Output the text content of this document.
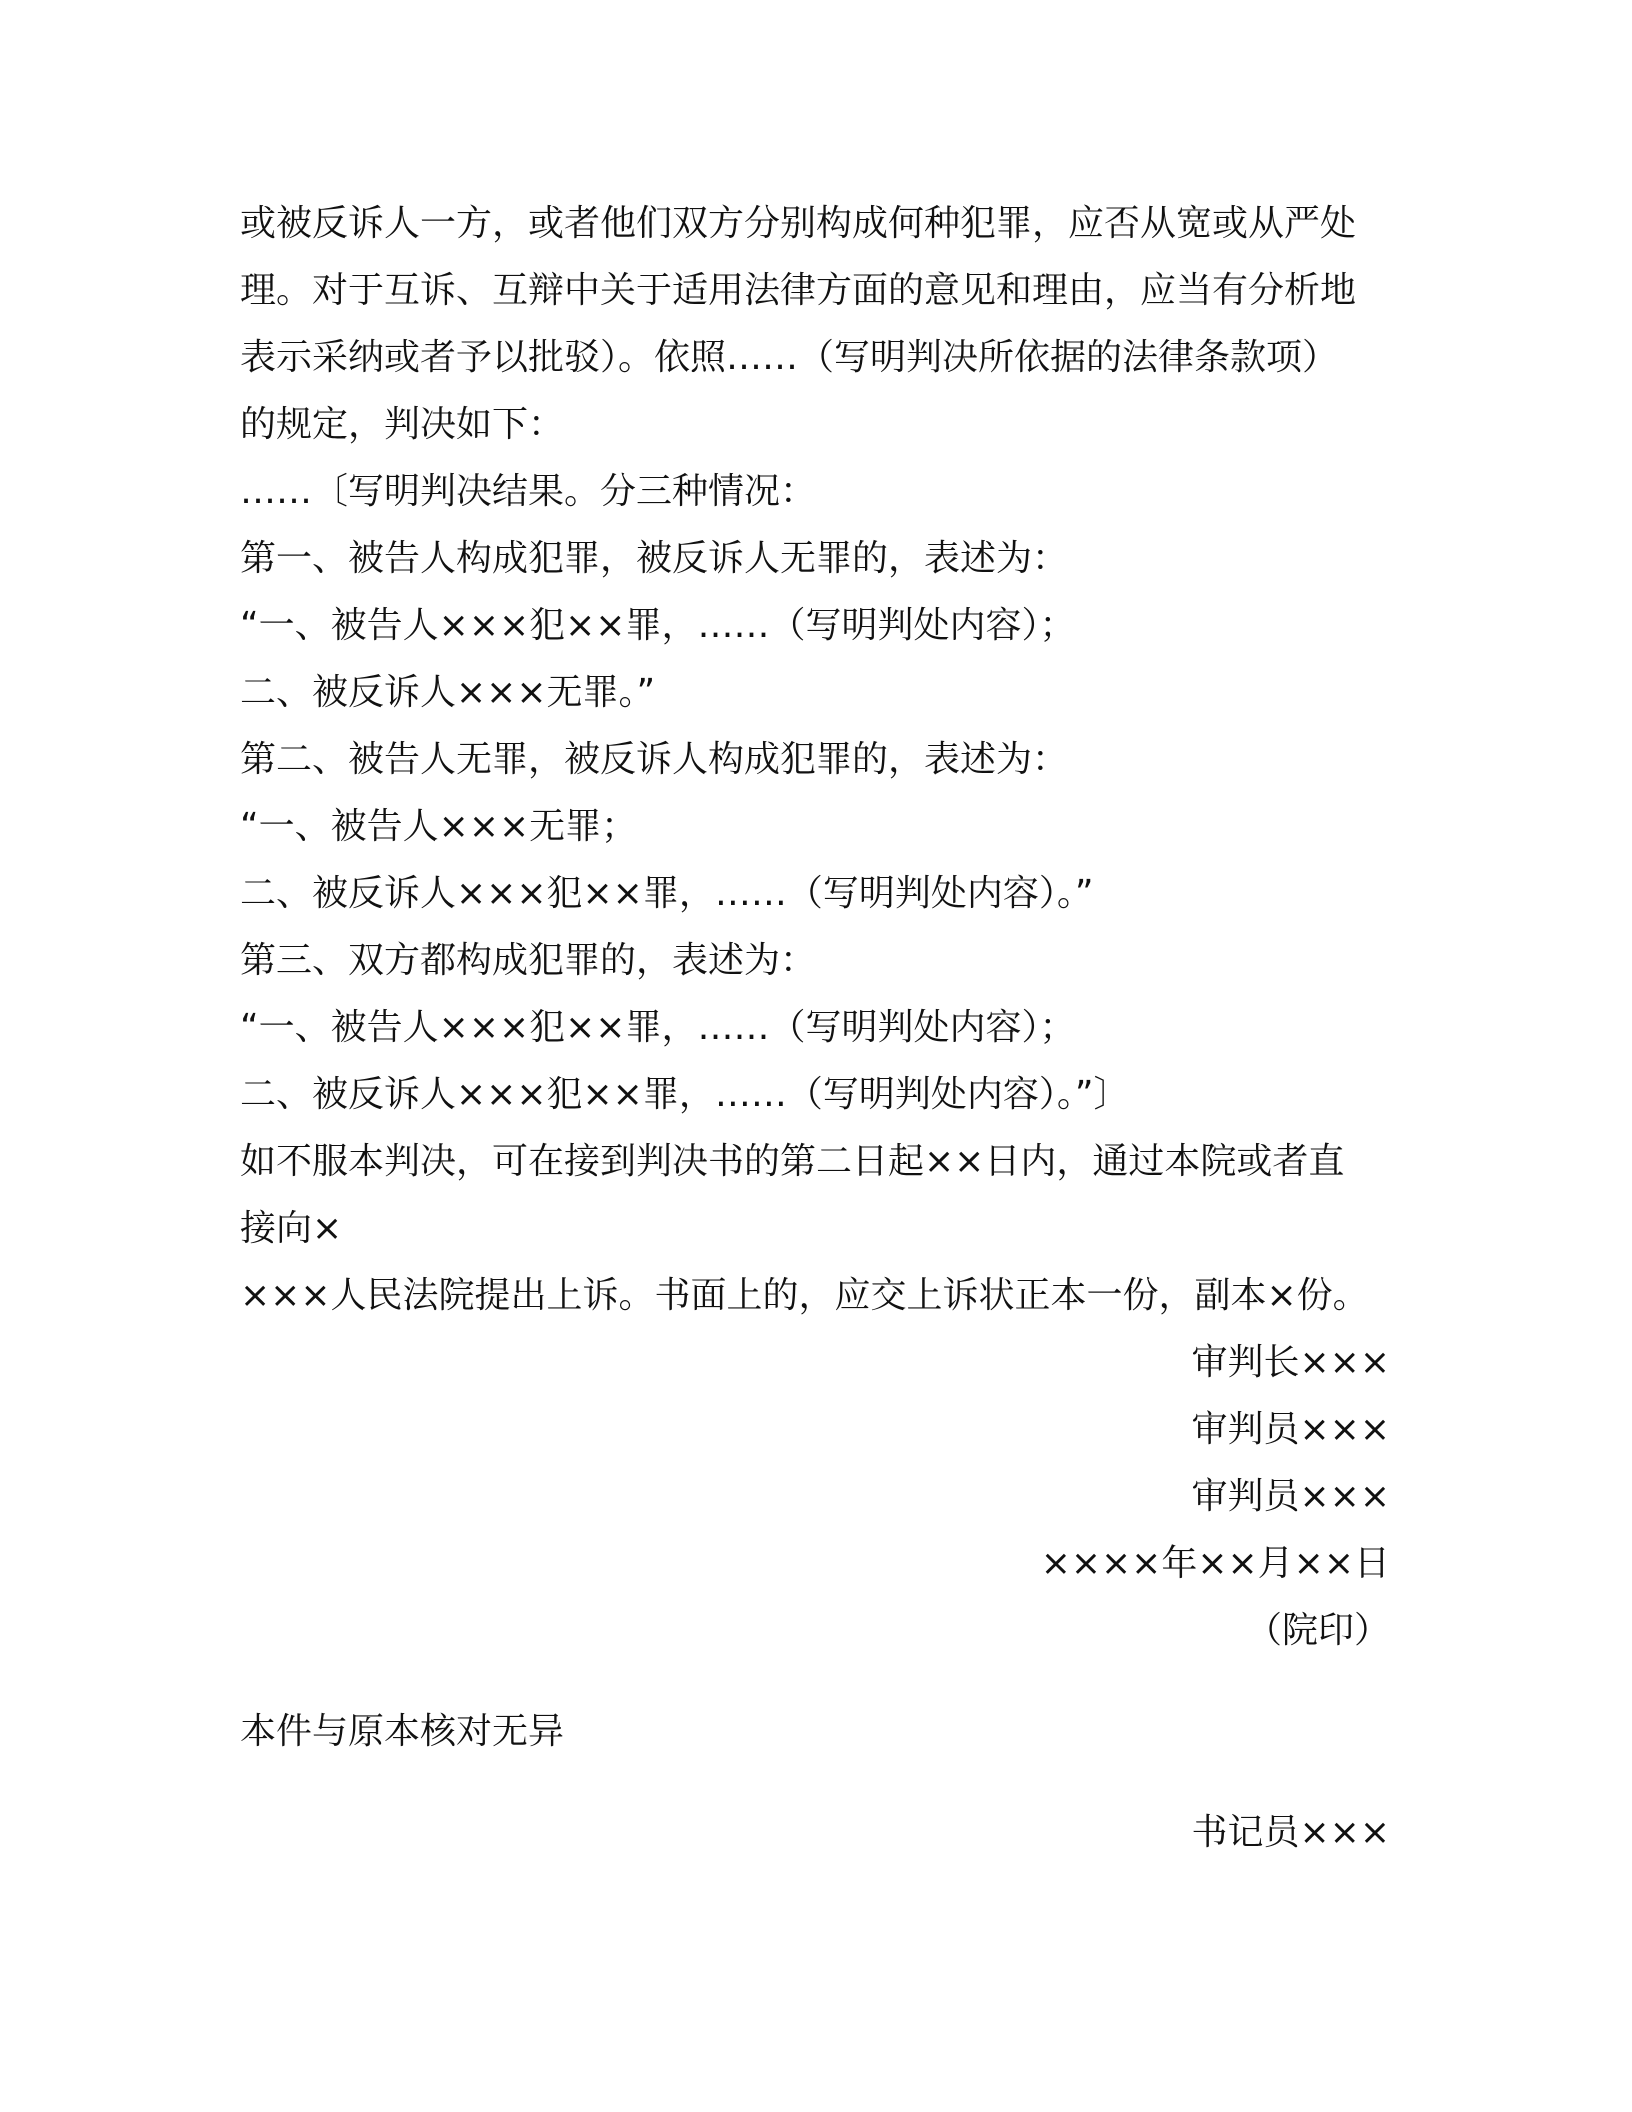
或被反诉人一方，或者他们双方分别构成何种犯罪，应否从宽或从严处
理。对于互诉、互辩中关于适用法律方面的意见和理由，应当有分析地
表示采纳或者予以批驳）。依照……（写明判决所依据的法律条款项）
的规定，判决如下：
……〔写明判决结果。分三种情况：
第一、被告人构成犯罪，被反诉人无罪的，表述为：
“一、被告人×××犯××罪，……（写明判处内容）；
二、被反诉人×××无罪。”
第二、被告人无罪，被反诉人构成犯罪的，表述为：
“一、被告人×××无罪；
二、被反诉人×××犯××罪，……（写明判处内容）。”
第三、双方都构成犯罪的，表述为：
“一、被告人×××犯××罪，……（写明判处内容）；
二、被反诉人×××犯××罪，……（写明判处内容）。”〕
如不服本判决，可在接到判决书的第二日起××日内，通过本院或者直
接向×
×××人民法院提出上诉。书面上的，应交上诉状正本一份，副本×份。
审判长×××
审判员×××
审判员×××
××××年××月××日
（院印）
本件与原本核对无异
书记员×××
